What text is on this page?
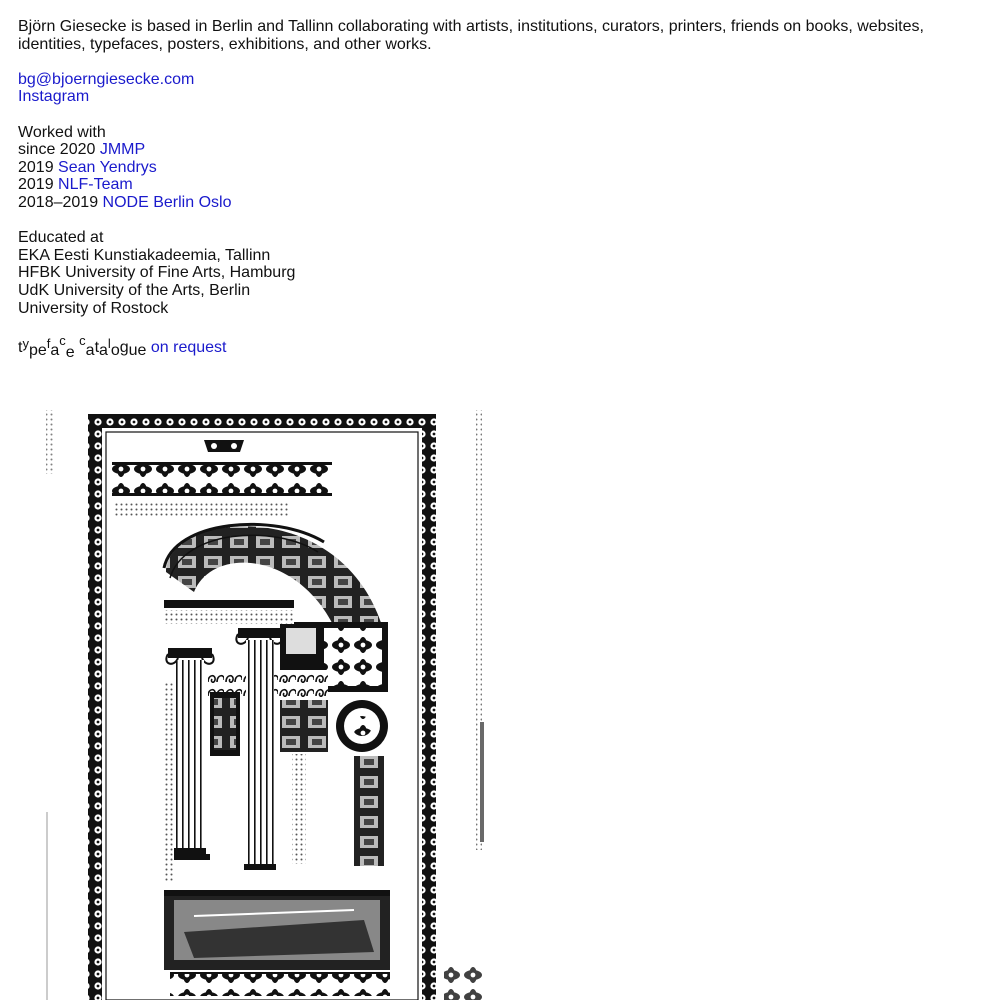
Björn Giesecke is based in Berlin and Tallinn collaborating with artists, institutions, curators, printers, friends on books, websites, identities, typefaces, posters, exhibitions, and other works.

bg@bjoerngiesecke.com

Instagram

Worked with

since 2020 JMMP

2019 Sean Yendrys

2019 NLF-Team

2018–2019 NODE Berlin Oslo

Educated at

EKA Eesti Kunstiakadeemia, Tallinn

HFBK University of Fine Arts, Hamburg

UdK University of the Arts, Berlin

University of Rostock

typeface catalogue on request
